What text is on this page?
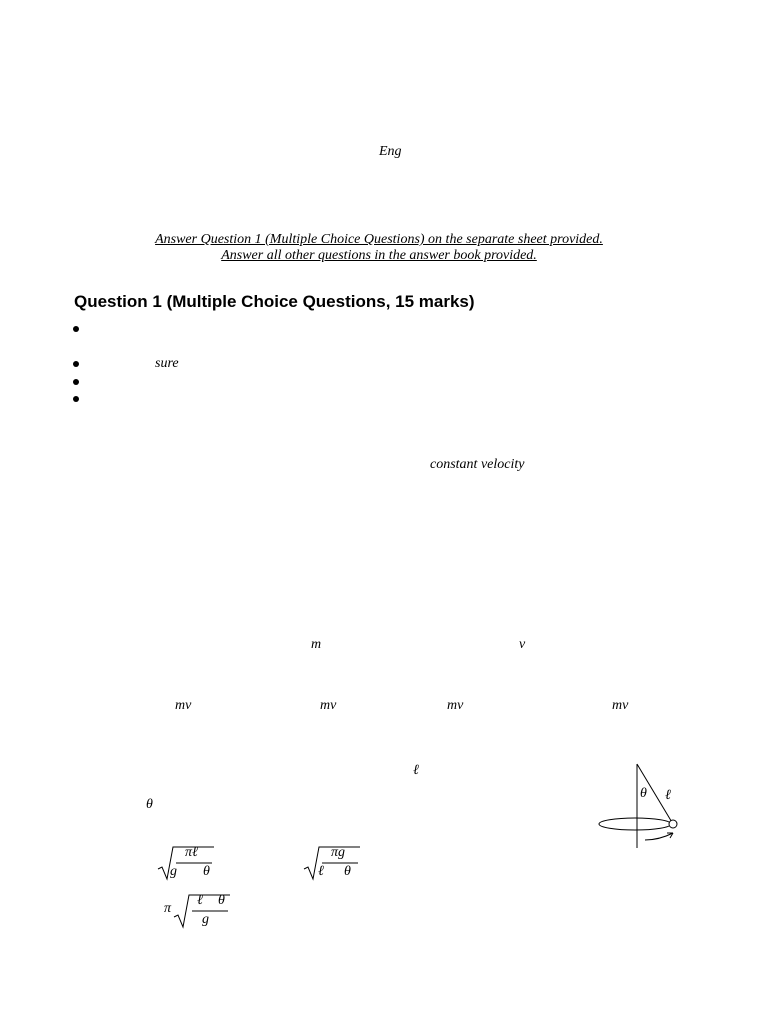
Eng
Answer Question 1 (Multiple Choice Questions) on the separate sheet provided.
Answer all other questions in the answer book provided.
Question 1 (Multiple Choice Questions, 15 marks)
sure
constant velocity
m	v
mv	mv	mv	mv
ℓ
θ
θ ℓ
πℓ
g θ
πg
ℓ θ
π
ℓ θ
g
